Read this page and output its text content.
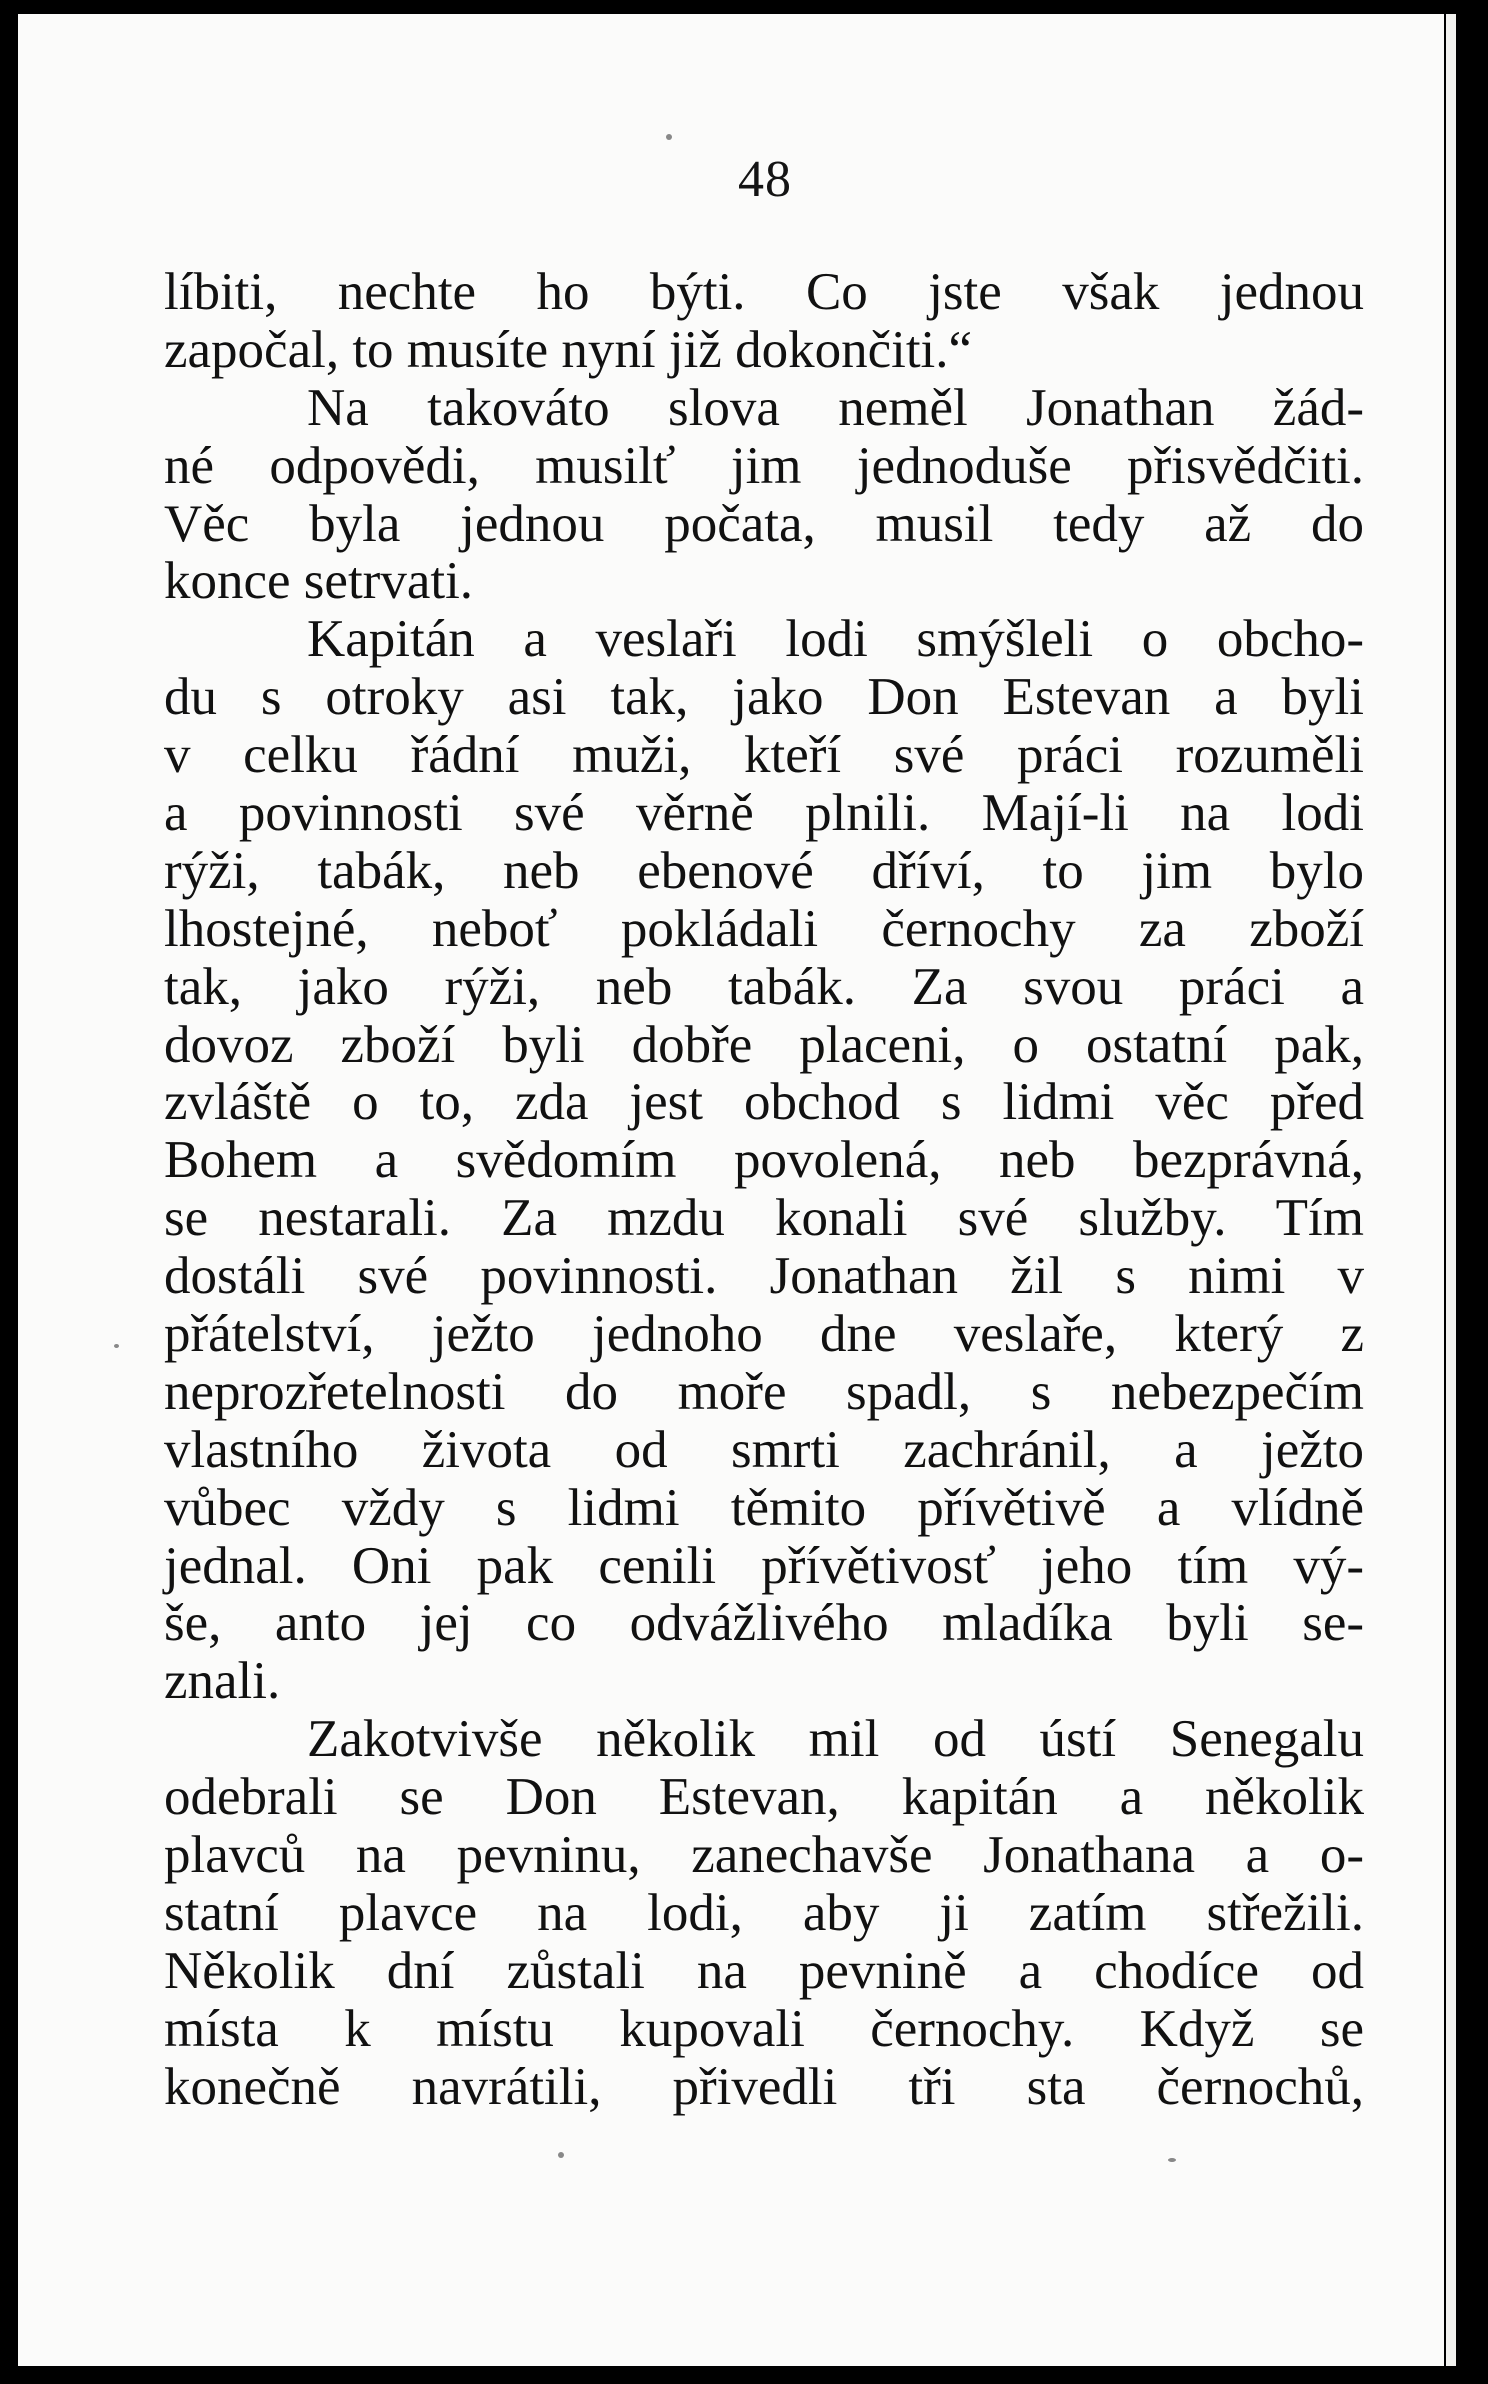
48
líbiti, nechte ho býti. Co jste však jednou
započal, to musíte nyní již dokončiti.“
Na takováto slova neměl Jonathan žád-
né odpovědi, musilť jim jednoduše přisvědčiti.
Věc byla jednou počata, musil tedy až do
konce setrvati.
Kapitán a veslaři lodi smýšleli o obcho-
du s otroky asi tak, jako Don Estevan a byli
v celku řádní muži, kteří své práci rozuměli
a povinnosti své věrně plnili. Mají-li na lodi
rýži, tabák, neb ebenové dříví, to jim bylo
lhostejné, neboť pokládali černochy za zboží
tak, jako rýži, neb tabák. Za svou práci a
dovoz zboží byli dobře placeni, o ostatní pak,
zvláště o to, zda jest obchod s lidmi věc před
Bohem a svědomím povolená, neb bezprávná,
se nestarali. Za mzdu konali své služby. Tím
dostáli své povinnosti. Jonathan žil s nimi v
přátelství, ježto jednoho dne veslaře, který z
neprozřetelnosti do moře spadl, s nebezpečím
vlastního života od smrti zachránil, a ježto
vůbec vždy s lidmi těmito přívětivě a vlídně
jednal. Oni pak cenili přívětivosť jeho tím vý-
še, anto jej co odvážlivého mladíka byli se-
znali.
Zakotvivše několik mil od ústí Senegalu
odebrali se Don Estevan, kapitán a několik
plavců na pevninu, zanechavše Jonathana a o-
statní plavce na lodi, aby ji zatím střežili.
Několik dní zůstali na pevnině a chodíce od
místa k místu kupovali černochy. Když se
konečně navrátili, přivedli tři sta černochů,
